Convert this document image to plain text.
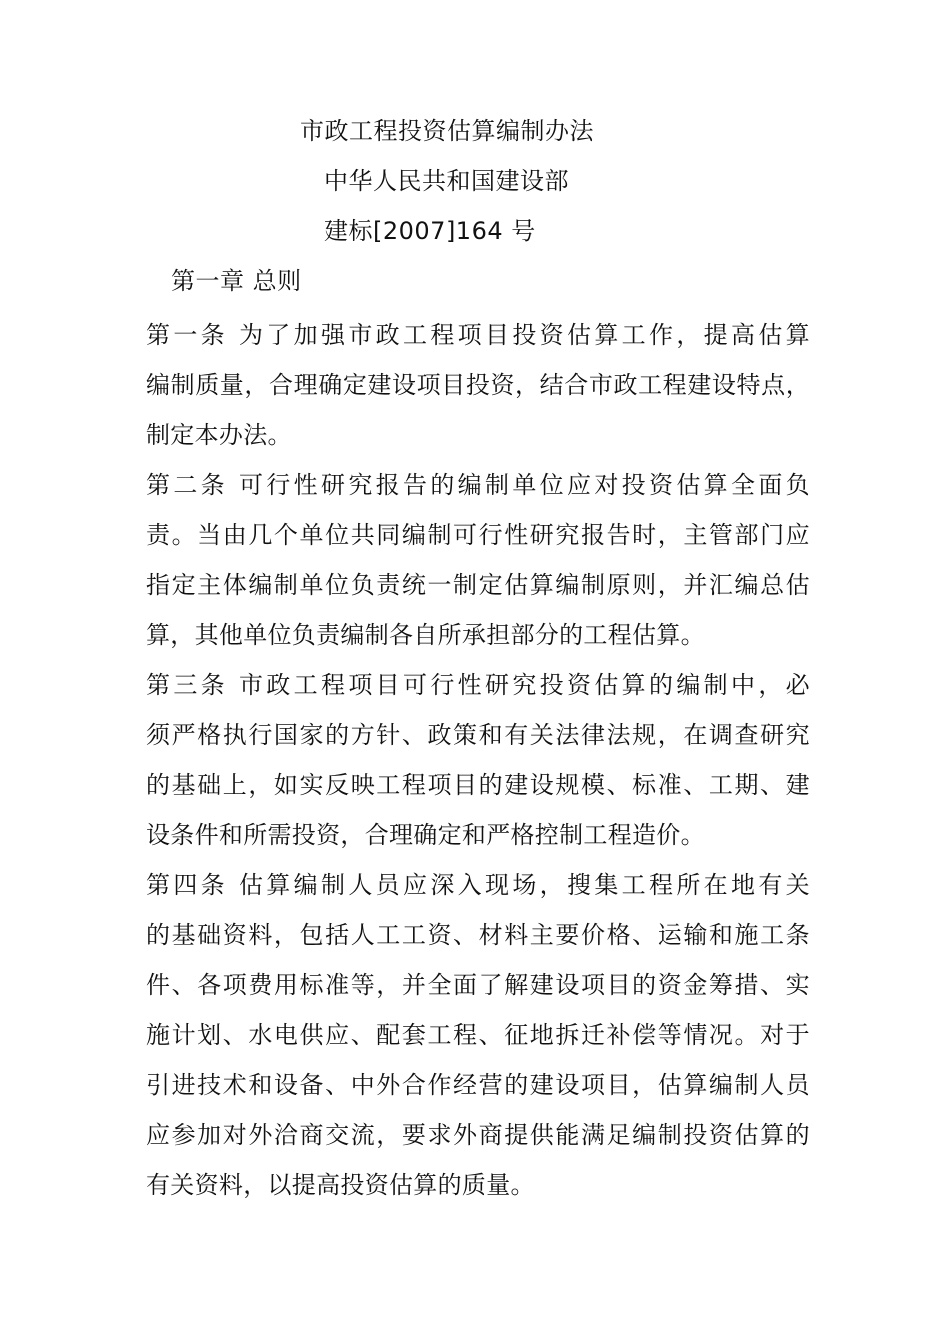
市政工程投资估算编制办法
中华人民共和国建设部
建标[2007]164 号
第一章 总则
第一条 为了加强市政工程项目投资估算工作，提高估算
编制质量，合理确定建设项目投资，结合市政工程建设特点，
制定本办法。
第二条 可行性研究报告的编制单位应对投资估算全面负
责。当由几个单位共同编制可行性研究报告时，主管部门应
指定主体编制单位负责统一制定估算编制原则，并汇编总估
算，其他单位负责编制各自所承担部分的工程估算。
第三条 市政工程项目可行性研究投资估算的编制中，必
须严格执行国家的方针、政策和有关法律法规，在调查研究
的基础上，如实反映工程项目的建设规模、标准、工期、建
设条件和所需投资，合理确定和严格控制工程造价。
第四条 估算编制人员应深入现场，搜集工程所在地有关
的基础资料，包括人工工资、材料主要价格、运输和施工条
件、各项费用标准等，并全面了解建设项目的资金筹措、实
施计划、水电供应、配套工程、征地拆迁补偿等情况。对于
引进技术和设备、中外合作经营的建设项目，估算编制人员
应参加对外洽商交流，要求外商提供能满足编制投资估算的
有关资料，以提高投资估算的质量。
